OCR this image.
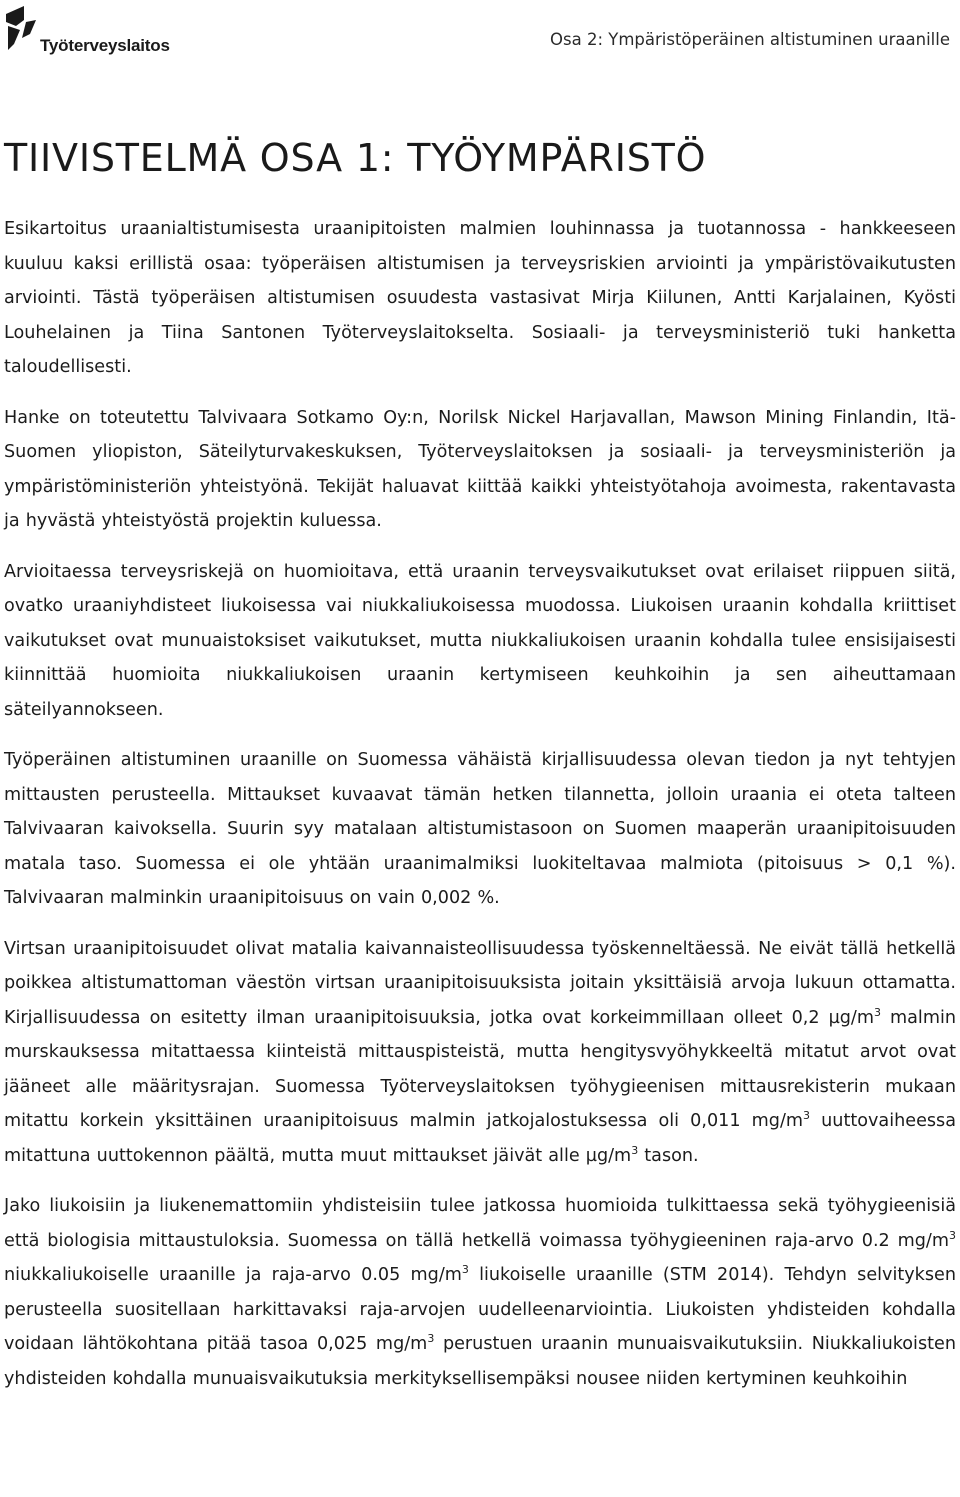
Työterveyslaitos	Osa 2: Ympäristöperäinen altistuminen uraanille
TIIVISTELMÄ OSA 1: TYÖYMPÄRISTÖ

Esikartoitus uraanialtistumisesta uraanipitoisten malmien louhinnassa ja tuotannossa - hankkeeseen kuuluu kaksi erillistä osaa: työperäisen altistumisen ja terveysriskien arviointi ja ympäristövaikutusten arviointi. Tästä työperäisen altistumisen osuudesta vastasivat Mirja Kiilunen, Antti Karjalainen, Kyösti Louhelainen ja Tiina Santonen Työterveyslaitokselta. Sosiaali- ja terveysministeriö tuki hanketta taloudellisesti.

Hanke on toteutettu Talvivaara Sotkamo Oy:n, Norilsk Nickel Harjavallan, Mawson Mining Finlandin, Itä-Suomen yliopiston, Säteilyturvakeskuksen, Työterveyslaitoksen ja sosiaali- ja terveysministeriön ja ympäristöministeriön yhteistyönä. Tekijät haluavat kiittää kaikki yhteistyötahoja avoimesta, rakentavasta ja hyvästä yhteistyöstä projektin kuluessa.

Arvioitaessa terveysriskejä on huomioitava, että uraanin terveysvaikutukset ovat erilaiset riippuen siitä, ovatko uraaniyhdisteet liukoisessa vai niukkaliukoisessa muodossa. Liukoisen uraanin kohdalla kriittiset vaikutukset ovat munuaistoksiset vaikutukset, mutta niukkaliukoisen uraanin kohdalla tulee ensisijaisesti kiinnittää huomioita niukkaliukoisen uraanin kertymiseen keuhkoihin ja sen aiheuttamaan säteilyannokseen.

Työperäinen altistuminen uraanille on Suomessa vähäistä kirjallisuudessa olevan tiedon ja nyt tehtyjen mittausten perusteella. Mittaukset kuvaavat tämän hetken tilannetta, jolloin uraania ei oteta talteen Talvivaaran kaivoksella. Suurin syy matalaan altistumistasoon on Suomen maaperän uraanipitoisuuden matala taso. Suomessa ei ole yhtään uraanimalmiksi luokiteltavaa malmiota (pitoisuus > 0,1 %). Talvivaaran malminkin uraanipitoisuus on vain 0,002 %.

Virtsan uraanipitoisuudet olivat matalia kaivannaisteollisuudessa työskenneltäessä. Ne eivät tällä hetkellä poikkea altistumattoman väestön virtsan uraanipitoisuuksista joitain yksittäisiä arvoja lukuun ottamatta. Kirjallisuudessa on esitetty ilman uraanipitoisuuksia, jotka ovat korkeimmillaan olleet 0,2 $\mu g/m^3$ malmin murskauksessa mitattaessa kiinteistä mittauspisteistä, mutta hengitysvyöhykkeeltä mitatut arvot ovat jääneet alle määritysrajan. Suomessa Työterveyslaitoksen työhygieenisen mittausrekisterin mukaan mitattu korkein yksittäinen uraanipitoisuus malmin jatkojalostuksessa oli 0,011 $mg/m^3$ uuttovaiheessa mitattuna uuttokennon päältä, mutta muut mittaukset jäivät alle $\mu g/m^3$ tason.

Jako liukoisiin ja liukenemattomiin yhdisteisiin tulee jatkossa huomioida tulkittaessa sekä työhygieenisiä että biologisia mittaustuloksia. Suomessa on tällä hetkellä voimassa työhygieeninen raja-arvo 0.2 $mg/m^3$ niukkaliukoiselle uraanille ja raja-arvo 0.05 $mg/m^3$ liukoiselle uraanille (STM 2014). Tehdyn selvityksen perusteella suositellaan harkittavaksi raja-arvojen uudelleenarviointia. Liukoisten yhdisteiden kohdalla voidaan lähtökohtana pitää tasoa 0,025 $mg/m^3$ perustuen uraanin munuaisvaikutuksiin. Niukkaliukoisten yhdisteiden kohdalla munuaisvaikutuksia merkityksellisempäksi nousee niiden kertyminen keuhkoihin
